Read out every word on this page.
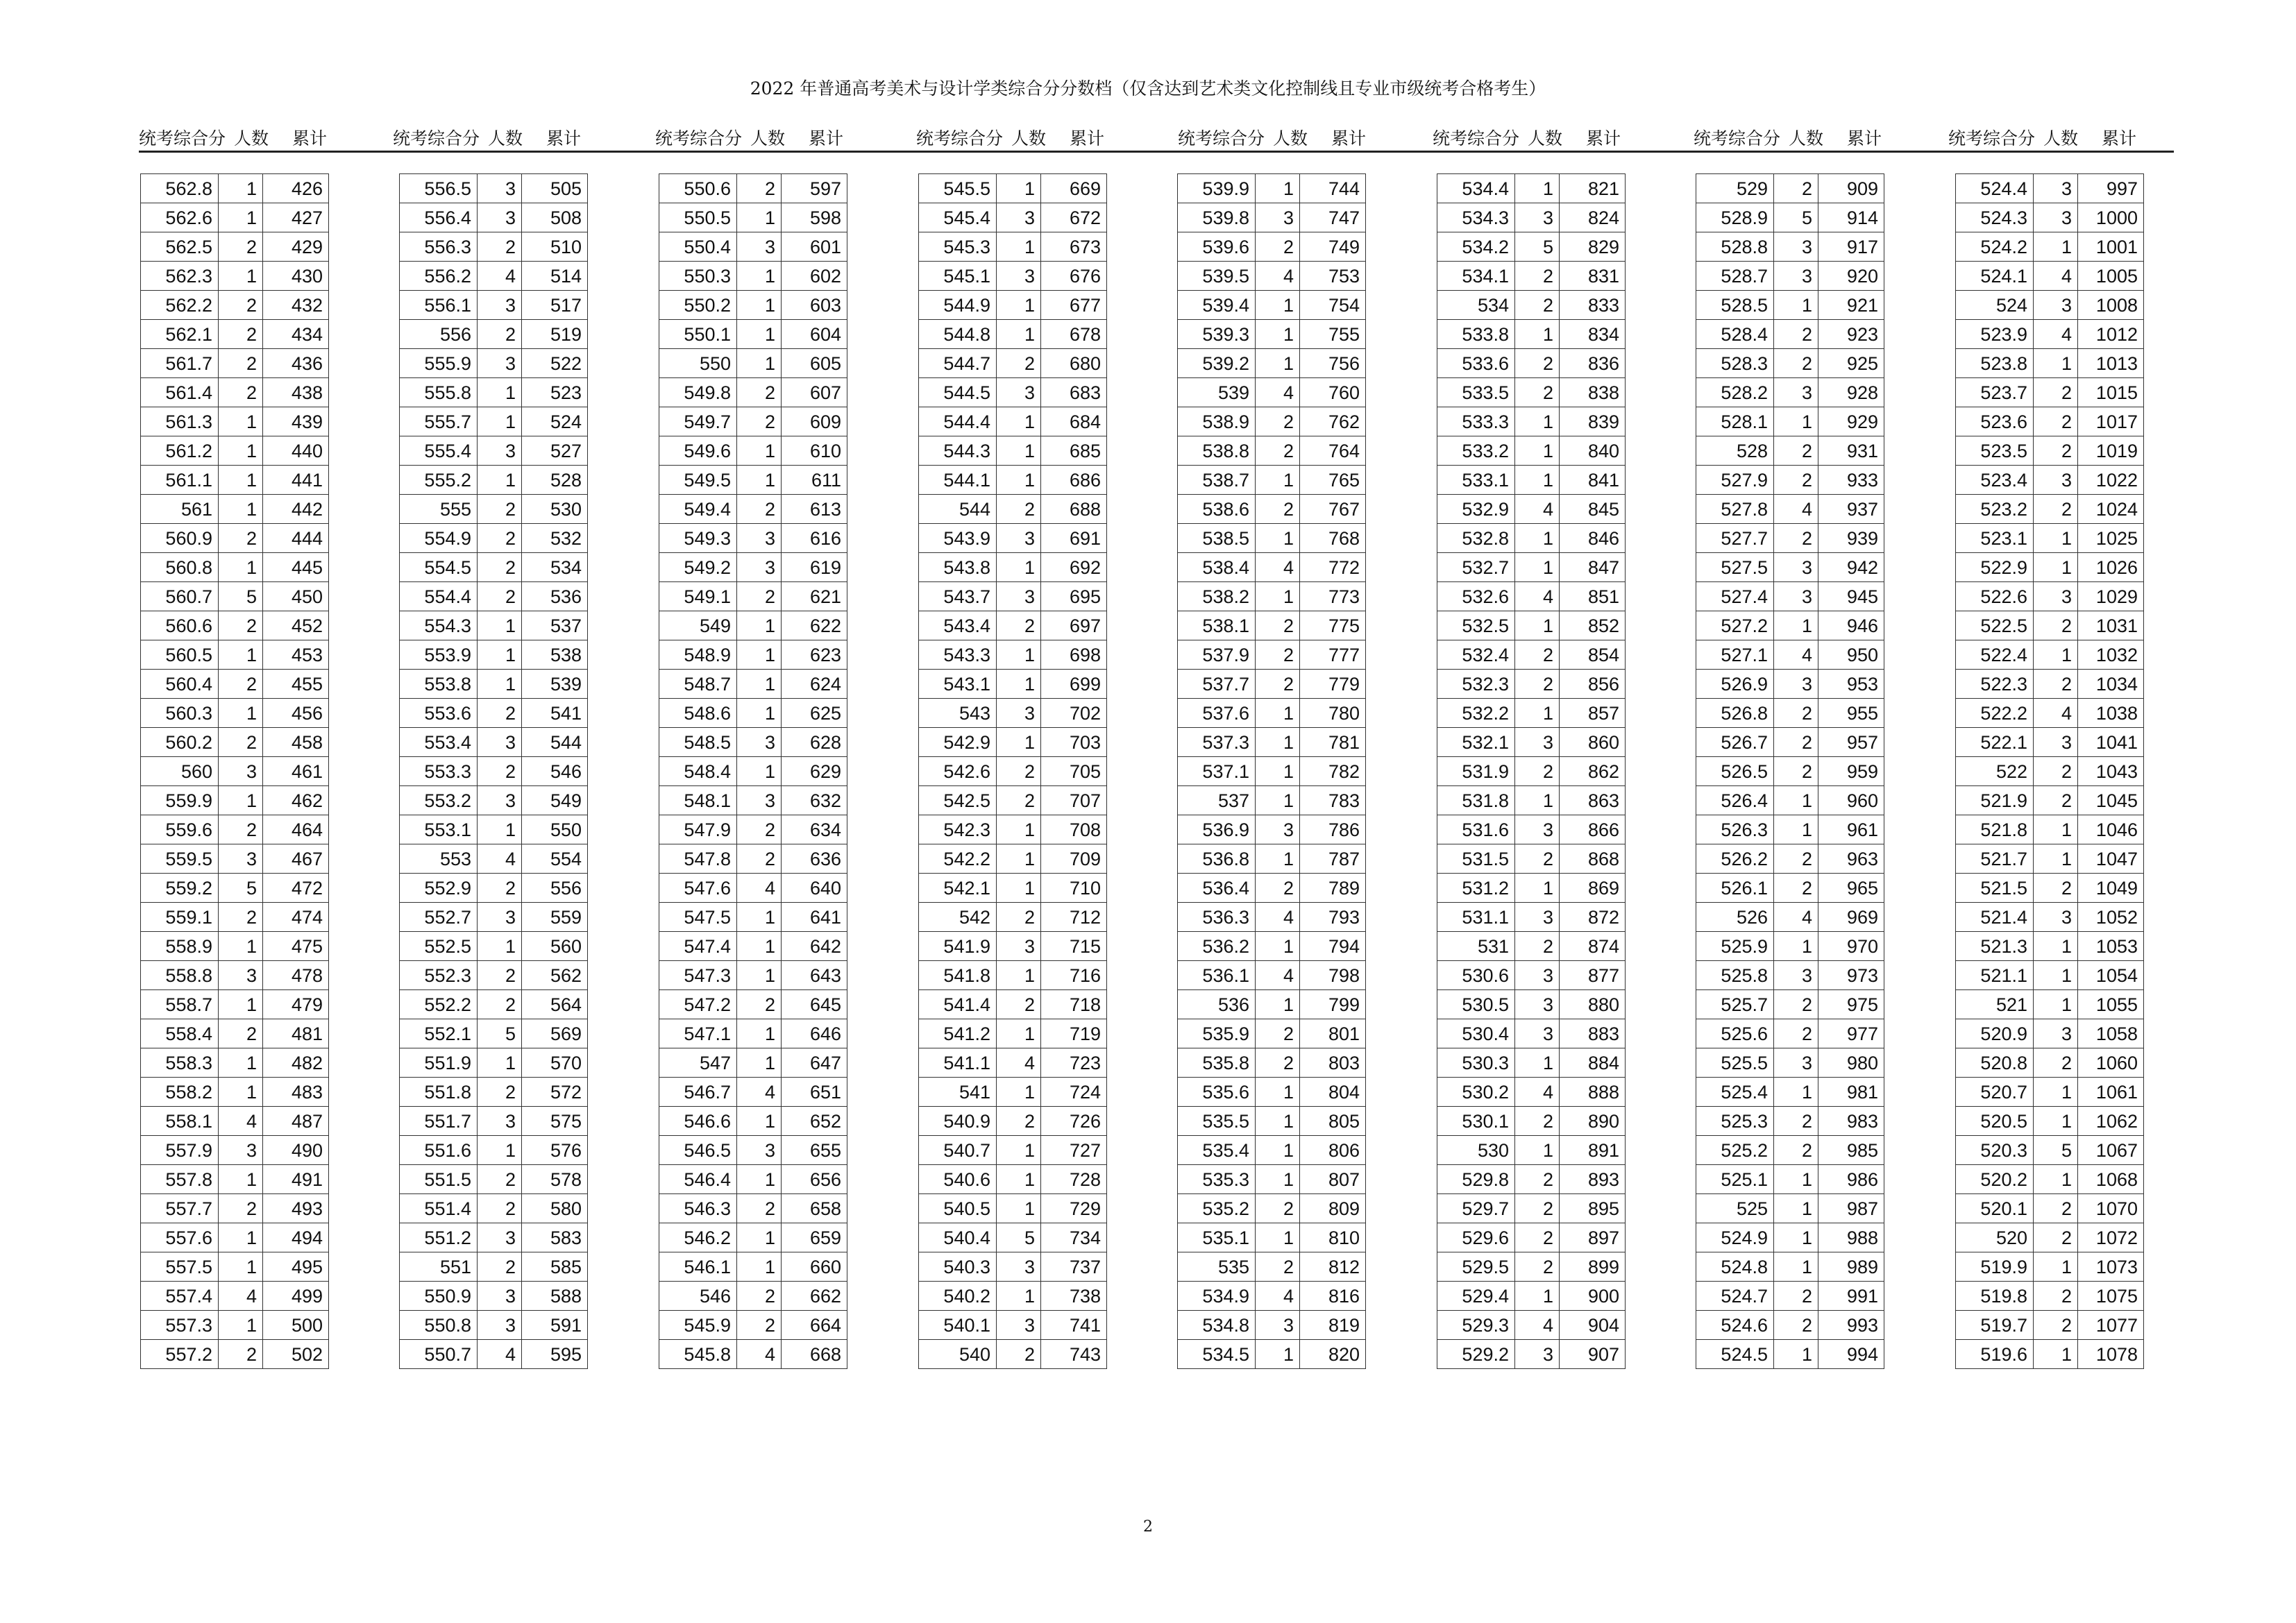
2022 年普通高考美术与设计学类综合分分数档（仅含达到艺术类文化控制线且专业市级统考合格考生）
统考综合分 人数 累计	统考综合分 人数 累计	统考综合分 人数 累计	统考综合分 人数 累计	统考综合分 人数 累计	统考综合分 人数 累计	统考综合分 人数 累计	统考综合分 人数 累计
562.8	1	426
562.6	1	427
562.5	2	429
562.3	1	430
562.2	2	432
562.1	2	434
561.7	2	436
561.4	2	438
561.3	1	439
561.2	1	440
561.1	1	441
561	1	442
560.9	2	444
560.8	1	445
560.7	5	450
560.6	2	452
560.5	1	453
560.4	2	455
560.3	1	456
560.2	2	458
560	3	461
559.9	1	462
559.6	2	464
559.5	3	467
559.2	5	472
559.1	2	474
558.9	1	475
558.8	3	478
558.7	1	479
558.4	2	481
558.3	1	482
558.2	1	483
558.1	4	487
557.9	3	490
557.8	1	491
557.7	2	493
557.6	1	494
557.5	1	495
557.4	4	499
557.3	1	500
557.2	2	502
556.5	3	505
556.4	3	508
556.3	2	510
556.2	4	514
556.1	3	517
556	2	519
555.9	3	522
555.8	1	523
555.7	1	524
555.4	3	527
555.2	1	528
555	2	530
554.9	2	532
554.5	2	534
554.4	2	536
554.3	1	537
553.9	1	538
553.8	1	539
553.6	2	541
553.4	3	544
553.3	2	546
553.2	3	549
553.1	1	550
553	4	554
552.9	2	556
552.7	3	559
552.5	1	560
552.3	2	562
552.2	2	564
552.1	5	569
551.9	1	570
551.8	2	572
551.7	3	575
551.6	1	576
551.5	2	578
551.4	2	580
551.2	3	583
551	2	585
550.9	3	588
550.8	3	591
550.7	4	595
550.6	2	597
550.5	1	598
550.4	3	601
550.3	1	602
550.2	1	603
550.1	1	604
550	1	605
549.8	2	607
549.7	2	609
549.6	1	610
549.5	1	611
549.4	2	613
549.3	3	616
549.2	3	619
549.1	2	621
549	1	622
548.9	1	623
548.7	1	624
548.6	1	625
548.5	3	628
548.4	1	629
548.1	3	632
547.9	2	634
547.8	2	636
547.6	4	640
547.5	1	641
547.4	1	642
547.3	1	643
547.2	2	645
547.1	1	646
547	1	647
546.7	4	651
546.6	1	652
546.5	3	655
546.4	1	656
546.3	2	658
546.2	1	659
546.1	1	660
546	2	662
545.9	2	664
545.8	4	668
545.5	1	669
545.4	3	672
545.3	1	673
545.1	3	676
544.9	1	677
544.8	1	678
544.7	2	680
544.5	3	683
544.4	1	684
544.3	1	685
544.1	1	686
544	2	688
543.9	3	691
543.8	1	692
543.7	3	695
543.4	2	697
543.3	1	698
543.1	1	699
543	3	702
542.9	1	703
542.6	2	705
542.5	2	707
542.3	1	708
542.2	1	709
542.1	1	710
542	2	712
541.9	3	715
541.8	1	716
541.4	2	718
541.2	1	719
541.1	4	723
541	1	724
540.9	2	726
540.7	1	727
540.6	1	728
540.5	1	729
540.4	5	734
540.3	3	737
540.2	1	738
540.1	3	741
540	2	743
539.9	1	744
539.8	3	747
539.6	2	749
539.5	4	753
539.4	1	754
539.3	1	755
539.2	1	756
539	4	760
538.9	2	762
538.8	2	764
538.7	1	765
538.6	2	767
538.5	1	768
538.4	4	772
538.2	1	773
538.1	2	775
537.9	2	777
537.7	2	779
537.6	1	780
537.3	1	781
537.1	1	782
537	1	783
536.9	3	786
536.8	1	787
536.4	2	789
536.3	4	793
536.2	1	794
536.1	4	798
536	1	799
535.9	2	801
535.8	2	803
535.6	1	804
535.5	1	805
535.4	1	806
535.3	1	807
535.2	2	809
535.1	1	810
535	2	812
534.9	4	816
534.8	3	819
534.5	1	820
534.4	1	821
534.3	3	824
534.2	5	829
534.1	2	831
534	2	833
533.8	1	834
533.6	2	836
533.5	2	838
533.3	1	839
533.2	1	840
533.1	1	841
532.9	4	845
532.8	1	846
532.7	1	847
532.6	4	851
532.5	1	852
532.4	2	854
532.3	2	856
532.2	1	857
532.1	3	860
531.9	2	862
531.8	1	863
531.6	3	866
531.5	2	868
531.2	1	869
531.1	3	872
531	2	874
530.6	3	877
530.5	3	880
530.4	3	883
530.3	1	884
530.2	4	888
530.1	2	890
530	1	891
529.8	2	893
529.7	2	895
529.6	2	897
529.5	2	899
529.4	1	900
529.3	4	904
529.2	3	907
529	2	909
528.9	5	914
528.8	3	917
528.7	3	920
528.5	1	921
528.4	2	923
528.3	2	925
528.2	3	928
528.1	1	929
528	2	931
527.9	2	933
527.8	4	937
527.7	2	939
527.5	3	942
527.4	3	945
527.2	1	946
527.1	4	950
526.9	3	953
526.8	2	955
526.7	2	957
526.5	2	959
526.4	1	960
526.3	1	961
526.2	2	963
526.1	2	965
526	4	969
525.9	1	970
525.8	3	973
525.7	2	975
525.6	2	977
525.5	3	980
525.4	1	981
525.3	2	983
525.2	2	985
525.1	1	986
525	1	987
524.9	1	988
524.8	1	989
524.7	2	991
524.6	2	993
524.5	1	994
524.4	3	997
524.3	3	1000
524.2	1	1001
524.1	4	1005
524	3	1008
523.9	4	1012
523.8	1	1013
523.7	2	1015
523.6	2	1017
523.5	2	1019
523.4	3	1022
523.2	2	1024
523.1	1	1025
522.9	1	1026
522.6	3	1029
522.5	2	1031
522.4	1	1032
522.3	2	1034
522.2	4	1038
522.1	3	1041
522	2	1043
521.9	2	1045
521.8	1	1046
521.7	1	1047
521.5	2	1049
521.4	3	1052
521.3	1	1053
521.1	1	1054
521	1	1055
520.9	3	1058
520.8	2	1060
520.7	1	1061
520.5	1	1062
520.3	5	1067
520.2	1	1068
520.1	2	1070
520	2	1072
519.9	1	1073
519.8	2	1075
519.7	2	1077
519.6	1	1078
2
